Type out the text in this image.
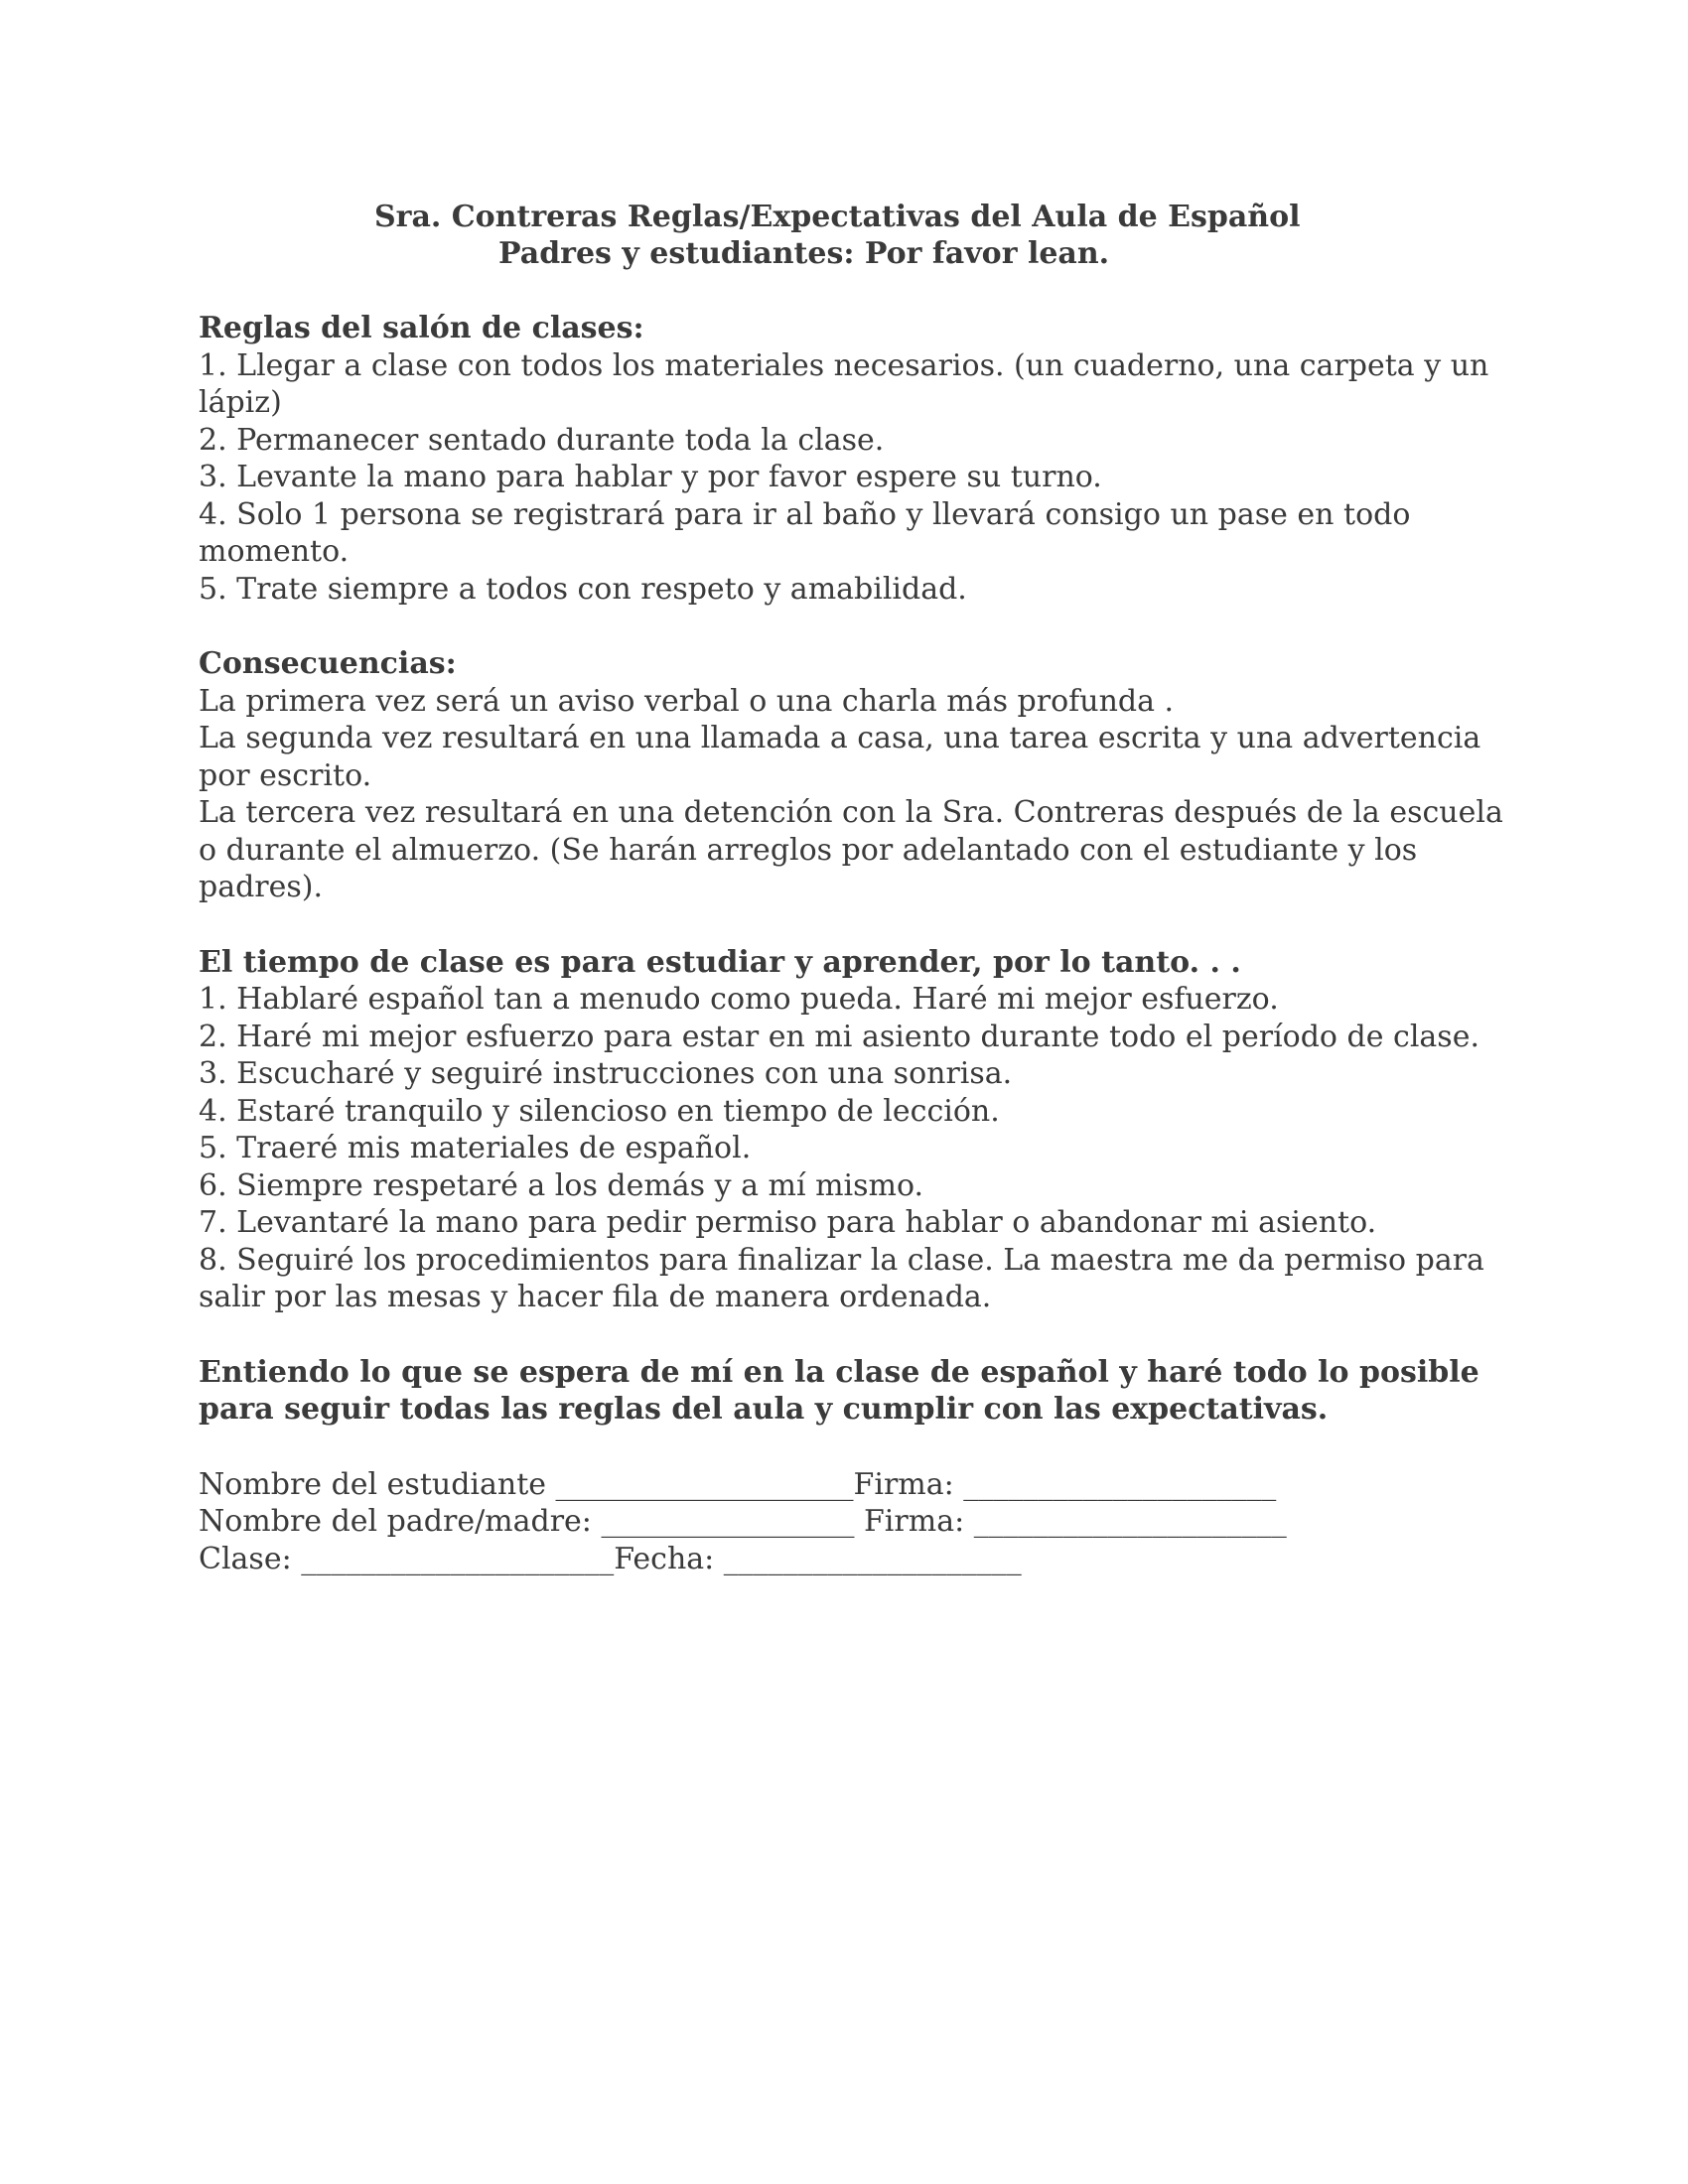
Sra. Contreras Reglas/Expectativas del Aula de Español
Padres y estudiantes: Por favor lean.
Reglas del salón de clases:
1. Llegar a clase con todos los materiales necesarios. (un cuaderno, una carpeta y un lápiz)
2. Permanecer sentado durante toda la clase.
3. Levante la mano para hablar y por favor espere su turno.
4. Solo 1 persona se registrará para ir al baño y llevará consigo un pase en todo momento.
5. Trate siempre a todos con respeto y amabilidad.
Consecuencias:
La primera vez será un aviso verbal o una charla más profunda .
La segunda vez resultará en una llamada a casa, una tarea escrita y una advertencia por escrito.
La tercera vez resultará en una detención con la Sra. Contreras después de la escuela o durante el almuerzo. (Se harán arreglos por adelantado con el estudiante y los padres).
El tiempo de clase es para estudiar y aprender, por lo tanto. . .
1. Hablaré español tan a menudo como pueda. Haré mi mejor esfuerzo.
2. Haré mi mejor esfuerzo para estar en mi asiento durante todo el período de clase.
3. Escucharé y seguiré instrucciones con una sonrisa.
4. Estaré tranquilo y silencioso en tiempo de lección.
5. Traeré mis materiales de español.
6. Siempre respetaré a los demás y a mí mismo.
7. Levantaré la mano para pedir permiso para hablar o abandonar mi asiento.
8. Seguiré los procedimientos para finalizar la clase. La maestra me da permiso para salir por las mesas y hacer fila de manera ordenada.
Entiendo lo que se espera de mí en la clase de español y haré todo lo posible para seguir todas las reglas del aula y cumplir con las expectativas.
Nombre del estudiante ____________________Firma: _____________________
Nombre del padre/madre: _________________ Firma: _____________________
Clase: _____________________Fecha: ____________________
